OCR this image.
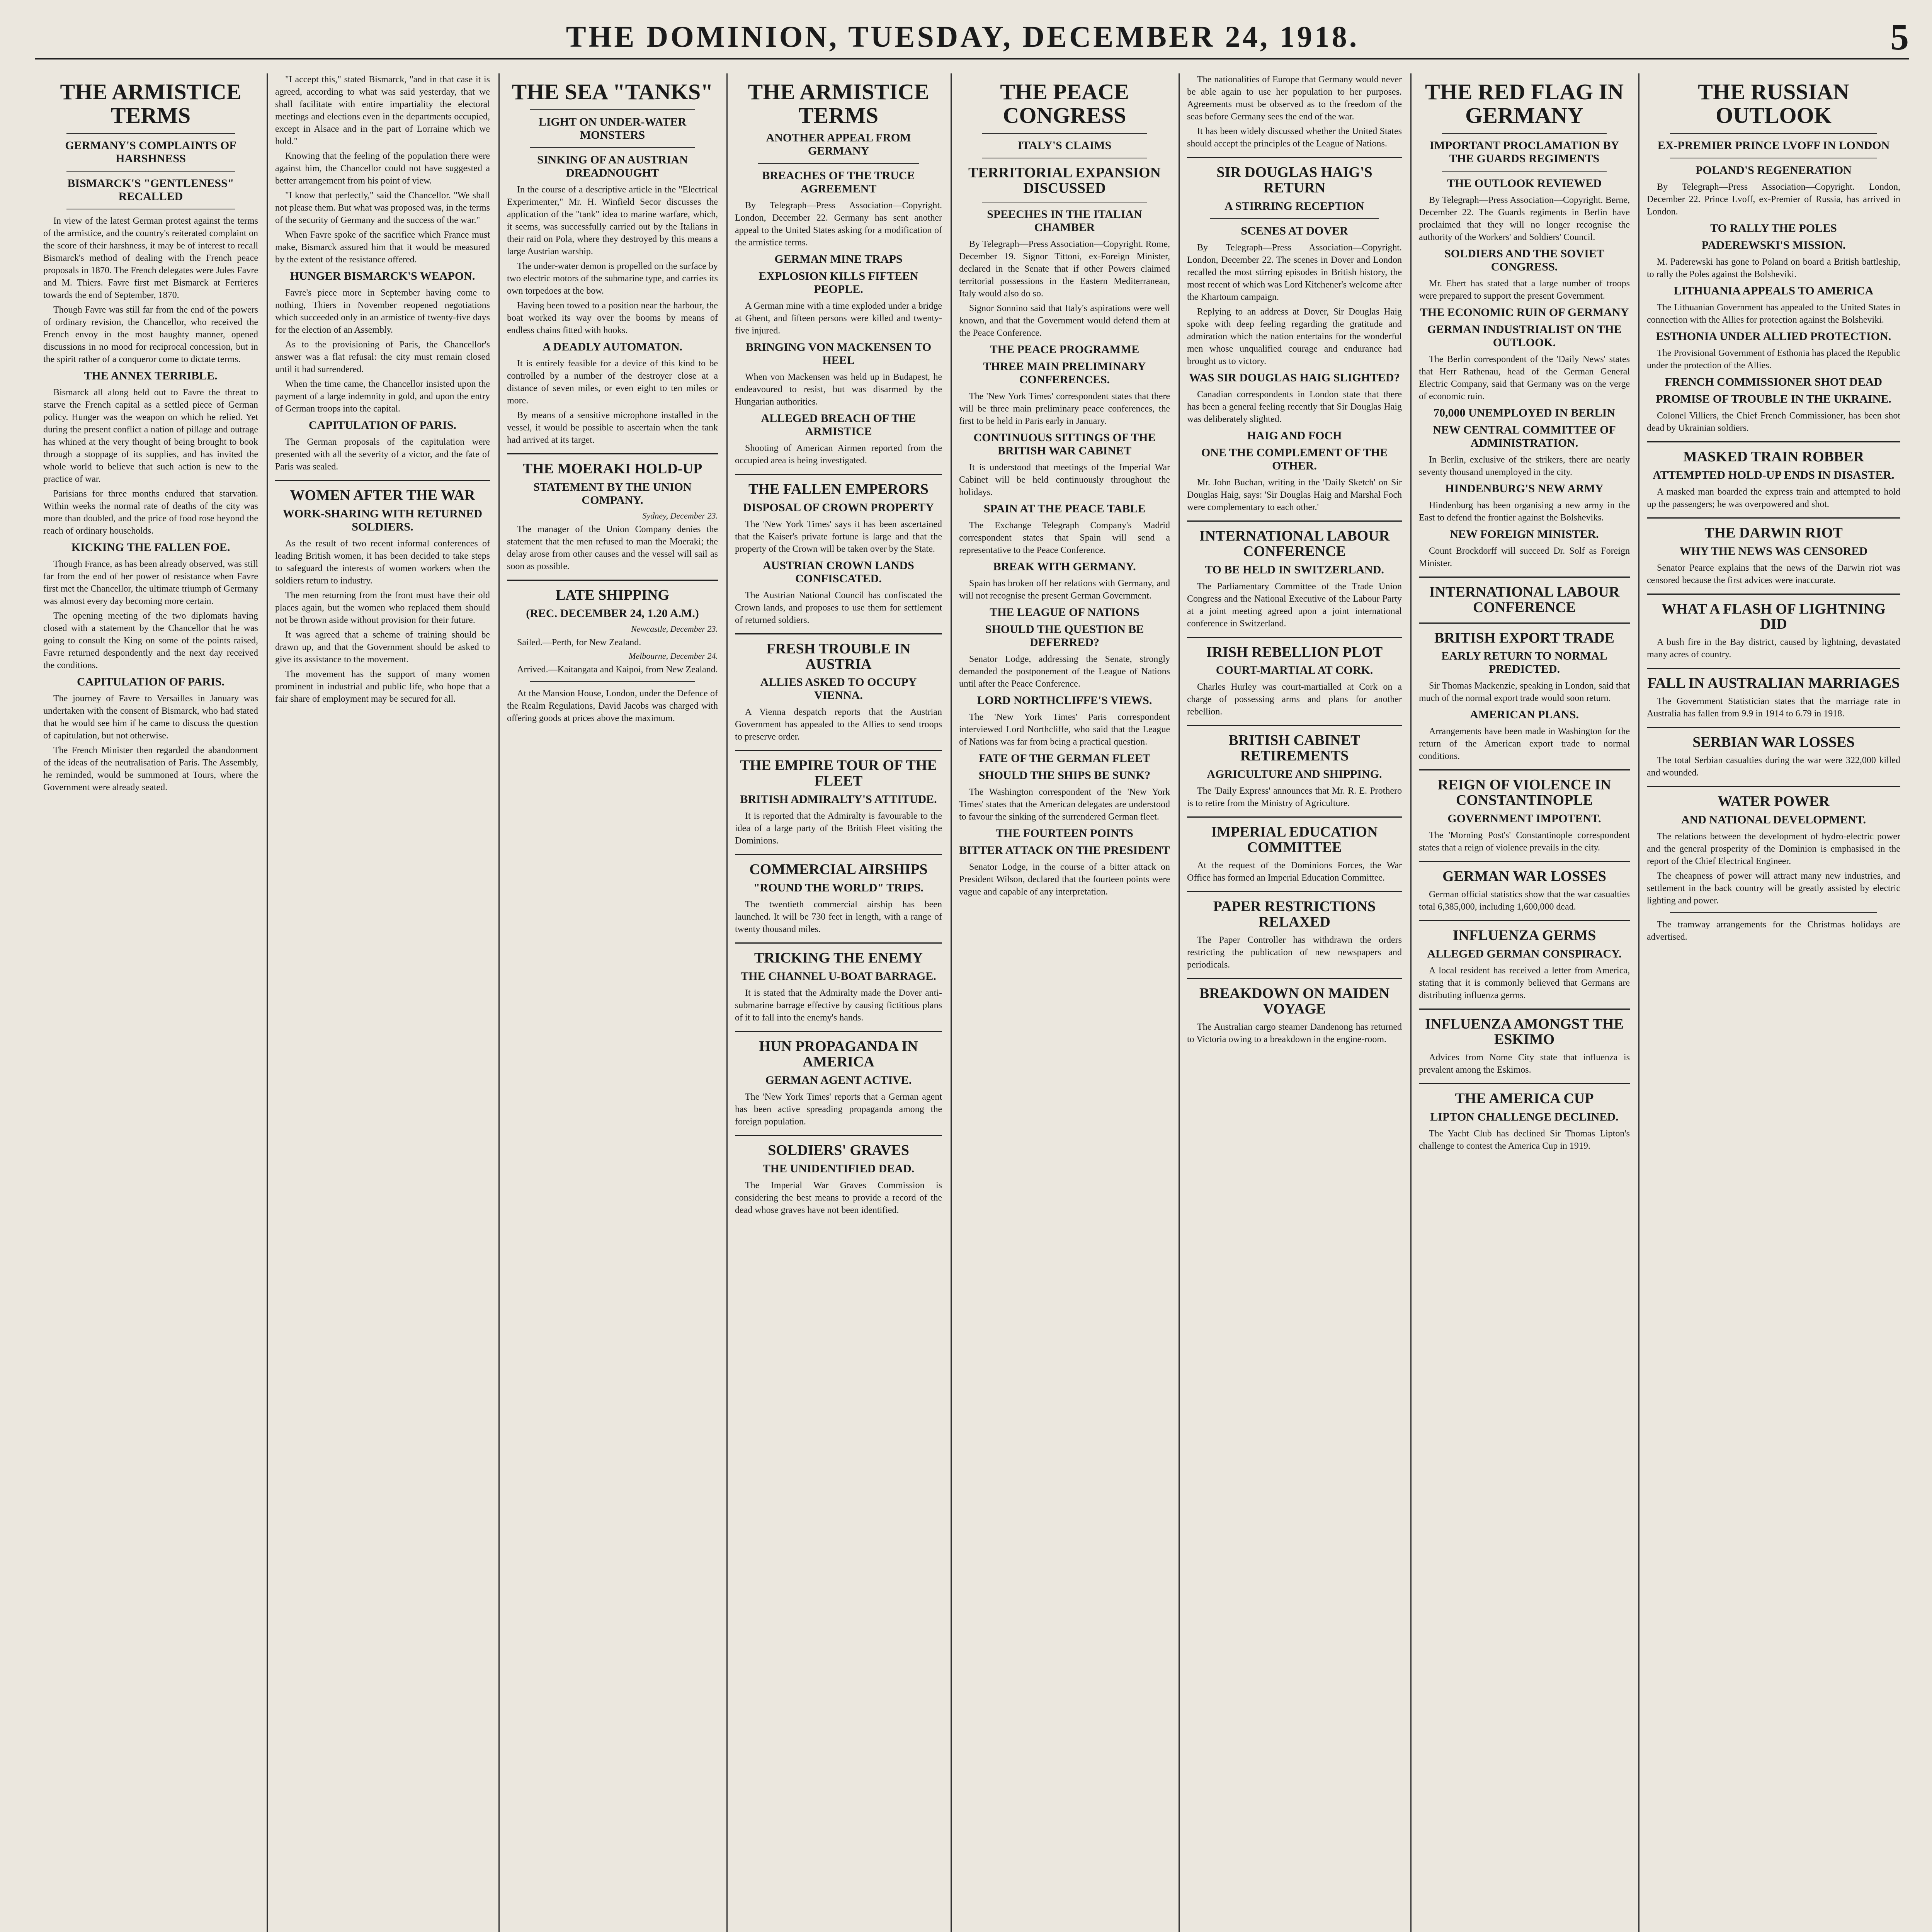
THE DOMINION, TUESDAY, DECEMBER 24, 1918.	5
THE ARMISTICE TERMS
GERMANY'S COMPLAINTS OF HARSHNESS
BISMARCK'S "GENTLENESS" RECALLED

In view of the latest German protest against the terms of the armistice, and the country's reiterated complaint on the score of their harshness, it may be of interest to recall Bismarck's method of dealing with the French peace proposals in 1870. The French delegates were Jules Favre and M. Thiers. Favre first met Bismarck at Ferrieres towards the end of September, 1870.

Though Favre was still far from the end of the powers of ordinary revision, the Chancellor, who received the French envoy in the most haughty manner, opened discussions in no mood for reciprocal concession, but in the spirit rather of a conqueror come to dictate terms.

THE ANNEX TERRIBLE.

Bismarck all along held out to Favre the threat to starve the French capital as a settled piece of German policy. Hunger was the weapon on which he relied. Yet during the present conflict a nation of pillage and outrage has whined at the very thought of being brought to book through a stoppage of its supplies, and has invited the whole world to believe that such action is new to the practice of war.

Parisians for three months endured that starvation. Within weeks the normal rate of deaths of the city was more than doubled, and the price of food rose beyond the reach of ordinary households.

KICKING THE FALLEN FOE.

Though France, as has been already observed, was still far from the end of her power of resistance when Favre first met the Chancellor, the ultimate triumph of Germany was almost every day becoming more certain.

The opening meeting of the two diplomats having closed with a statement by the Chancellor that he was going to consult the King on some of the points raised, Favre returned despondently and the next day received the conditions.

CAPITULATION OF PARIS.

The journey of Favre to Versailles in January was undertaken with the consent of Bismarck, who had stated that he would see him if he came to discuss the question of capitulation, but not otherwise.

The French Minister then regarded the abandonment of the ideas of the neutralisation of Paris. The Assembly, he reminded, would be summoned at Tours, where the Government were already seated.

"I accept this," stated Bismarck, "and in that case it is agreed, according to what was said yesterday, that we shall facilitate with entire impartiality the electoral meetings and elections even in the departments occupied, except in Alsace and in the part of Lorraine which we hold."

Knowing that the feeling of the population there were against him, the Chancellor could not have suggested a better arrangement from his point of view.

"I know that perfectly," said the Chancellor. "We shall not please them. But what was proposed was, in the terms of the security of Germany and the success of the war."

When Favre spoke of the sacrifice which France must make, Bismarck assured him that it would be measured by the extent of the resistance offered.

HUNGER BISMARCK'S WEAPON.

Favre's piece more in September having come to nothing, Thiers in November reopened negotiations which succeeded only in an armistice of twenty-five days for the election of an Assembly.

As to the provisioning of Paris, the Chancellor's answer was a flat refusal: the city must remain closed until it had surrendered.

When the time came, the Chancellor insisted upon the payment of a large indemnity in gold, and upon the entry of German troops into the capital.

CAPITULATION OF PARIS.

The German proposals of the capitulation were presented with all the severity of a victor, and the fate of Paris was sealed.

WOMEN AFTER THE WAR
WORK-SHARING WITH RETURNED SOLDIERS.

As the result of two recent informal conferences of leading British women, it has been decided to take steps to safeguard the interests of women workers when the soldiers return to industry.

The men returning from the front must have their old places again, but the women who replaced them should not be thrown aside without provision for their future.

It was agreed that a scheme of training should be drawn up, and that the Government should be asked to give its assistance to the movement.

The movement has the support of many women prominent in industrial and public life, who hope that a fair share of employment may be secured for all.

THE SEA "TANKS"
LIGHT ON UNDER-WATER MONSTERS
SINKING OF AN AUSTRIAN DREADNOUGHT

In the course of a descriptive article in the "Electrical Experimenter," Mr. H. Winfield Secor discusses the application of the "tank" idea to marine warfare, which, it seems, was successfully carried out by the Italians in their raid on Pola, where they destroyed by this means a large Austrian warship.

The under-water demon is propelled on the surface by two electric motors of the submarine type, and carries its own torpedoes at the bow.

Having been towed to a position near the harbour, the boat worked its way over the booms by means of endless chains fitted with hooks.

A DEADLY AUTOMATON.

It is entirely feasible for a device of this kind to be controlled by a number of the destroyer close at a distance of seven miles, or even eight to ten miles or more.

By means of a sensitive microphone installed in the vessel, it would be possible to ascertain when the tank had arrived at its target.

THE MOERAKI HOLD-UP
STATEMENT BY THE UNION COMPANY.
Sydney, December 23.

The manager of the Union Company denies the statement that the men refused to man the Moeraki; the delay arose from other causes and the vessel will sail as soon as possible.

LATE SHIPPING
(REC. DECEMBER 24, 1.20 A.M.)
Newcastle, December 23.

Sailed.—Perth, for New Zealand.

Melbourne, December 24.

Arrived.—Kaitangata and Kaipoi, from New Zealand.

At the Mansion House, London, under the Defence of the Realm Regulations, David Jacobs was charged with offering goods at prices above the maximum.

THE ARMISTICE TERMS
ANOTHER APPEAL FROM GERMANY
BREACHES OF THE TRUCE AGREEMENT

By Telegraph—Press Association—Copyright. London, December 22. Germany has sent another appeal to the United States asking for a modification of the armistice terms.

GERMAN MINE TRAPS
EXPLOSION KILLS FIFTEEN PEOPLE.

A German mine with a time exploded under a bridge at Ghent, and fifteen persons were killed and twenty-five injured.

BRINGING VON MACKENSEN TO HEEL

When von Mackensen was held up in Budapest, he endeavoured to resist, but was disarmed by the Hungarian authorities.

ALLEGED BREACH OF THE ARMISTICE

Shooting of American Airmen reported from the occupied area is being investigated.

THE FALLEN EMPERORS
DISPOSAL OF CROWN PROPERTY

The 'New York Times' says it has been ascertained that the Kaiser's private fortune is large and that the property of the Crown will be taken over by the State.

AUSTRIAN CROWN LANDS CONFISCATED.

The Austrian National Council has confiscated the Crown lands, and proposes to use them for settlement of returned soldiers.

FRESH TROUBLE IN AUSTRIA
ALLIES ASKED TO OCCUPY VIENNA.

A Vienna despatch reports that the Austrian Government has appealed to the Allies to send troops to preserve order.

THE EMPIRE TOUR OF THE FLEET
BRITISH ADMIRALTY'S ATTITUDE.

It is reported that the Admiralty is favourable to the idea of a large party of the British Fleet visiting the Dominions.

COMMERCIAL AIRSHIPS
"ROUND THE WORLD" TRIPS.

The twentieth commercial airship has been launched. It will be 730 feet in length, with a range of twenty thousand miles.

TRICKING THE ENEMY
THE CHANNEL U-BOAT BARRAGE.

It is stated that the Admiralty made the Dover anti-submarine barrage effective by causing fictitious plans of it to fall into the enemy's hands.

HUN PROPAGANDA IN AMERICA
GERMAN AGENT ACTIVE.

The 'New York Times' reports that a German agent has been active spreading propaganda among the foreign population.

SOLDIERS' GRAVES
THE UNIDENTIFIED DEAD.

The Imperial War Graves Commission is considering the best means to provide a record of the dead whose graves have not been identified.

THE PEACE CONGRESS
ITALY'S CLAIMS
TERRITORIAL EXPANSION DISCUSSED
SPEECHES IN THE ITALIAN CHAMBER

By Telegraph—Press Association—Copyright. Rome, December 19. Signor Tittoni, ex-Foreign Minister, declared in the Senate that if other Powers claimed territorial possessions in the Eastern Mediterranean, Italy would also do so.

Signor Sonnino said that Italy's aspirations were well known, and that the Government would defend them at the Peace Conference.

THE PEACE PROGRAMME
THREE MAIN PRELIMINARY CONFERENCES.

The 'New York Times' correspondent states that there will be three main preliminary peace conferences, the first to be held in Paris early in January.

CONTINUOUS SITTINGS OF THE BRITISH WAR CABINET

It is understood that meetings of the Imperial War Cabinet will be held continuously throughout the holidays.

SPAIN AT THE PEACE TABLE

The Exchange Telegraph Company's Madrid correspondent states that Spain will send a representative to the Peace Conference.

BREAK WITH GERMANY.

Spain has broken off her relations with Germany, and will not recognise the present German Government.

THE LEAGUE OF NATIONS
SHOULD THE QUESTION BE DEFERRED?

Senator Lodge, addressing the Senate, strongly demanded the postponement of the League of Nations until after the Peace Conference.

LORD NORTHCLIFFE'S VIEWS.

The 'New York Times' Paris correspondent interviewed Lord Northcliffe, who said that the League of Nations was far from being a practical question.

FATE OF THE GERMAN FLEET
SHOULD THE SHIPS BE SUNK?

The Washington correspondent of the 'New York Times' states that the American delegates are understood to favour the sinking of the surrendered German fleet.

THE FOURTEEN POINTS
BITTER ATTACK ON THE PRESIDENT

Senator Lodge, in the course of a bitter attack on President Wilson, declared that the fourteen points were vague and capable of any interpretation.

The nationalities of Europe that Germany would never be able again to use her population to her purposes. Agreements must be observed as to the freedom of the seas before Germany sees the end of the war.

It has been widely discussed whether the United States should accept the principles of the League of Nations.

SIR DOUGLAS HAIG'S RETURN
A STIRRING RECEPTION
SCENES AT DOVER

By Telegraph—Press Association—Copyright. London, December 22. The scenes in Dover and London recalled the most stirring episodes in British history, the most recent of which was Lord Kitchener's welcome after the Khartoum campaign.

Replying to an address at Dover, Sir Douglas Haig spoke with deep feeling regarding the gratitude and admiration which the nation entertains for the wonderful men whose unqualified courage and endurance had brought us to victory.

WAS SIR DOUGLAS HAIG SLIGHTED?

Canadian correspondents in London state that there has been a general feeling recently that Sir Douglas Haig was deliberately slighted.

HAIG AND FOCH
ONE THE COMPLEMENT OF THE OTHER.

Mr. John Buchan, writing in the 'Daily Sketch' on Sir Douglas Haig, says: 'Sir Douglas Haig and Marshal Foch were complementary to each other.'

INTERNATIONAL LABOUR CONFERENCE
TO BE HELD IN SWITZERLAND.

The Parliamentary Committee of the Trade Union Congress and the National Executive of the Labour Party at a joint meeting agreed upon a joint international conference in Switzerland.

IRISH REBELLION PLOT
COURT-MARTIAL AT CORK.

Charles Hurley was court-martialled at Cork on a charge of possessing arms and plans for another rebellion.

BRITISH CABINET RETIREMENTS
AGRICULTURE AND SHIPPING.

The 'Daily Express' announces that Mr. R. E. Prothero is to retire from the Ministry of Agriculture.

IMPERIAL EDUCATION COMMITTEE

At the request of the Dominions Forces, the War Office has formed an Imperial Education Committee.

PAPER RESTRICTIONS RELAXED

The Paper Controller has withdrawn the orders restricting the publication of new newspapers and periodicals.

BREAKDOWN ON MAIDEN VOYAGE

The Australian cargo steamer Dandenong has returned to Victoria owing to a breakdown in the engine-room.

THE RED FLAG IN GERMANY
IMPORTANT PROCLAMATION BY THE GUARDS REGIMENTS
THE OUTLOOK REVIEWED

By Telegraph—Press Association—Copyright. Berne, December 22. The Guards regiments in Berlin have proclaimed that they will no longer recognise the authority of the Workers' and Soldiers' Council.

SOLDIERS AND THE SOVIET CONGRESS.

Mr. Ebert has stated that a large number of troops were prepared to support the present Government.

THE ECONOMIC RUIN OF GERMANY
GERMAN INDUSTRIALIST ON THE OUTLOOK.

The Berlin correspondent of the 'Daily News' states that Herr Rathenau, head of the German General Electric Company, said that Germany was on the verge of economic ruin.

70,000 UNEMPLOYED IN BERLIN
NEW CENTRAL COMMITTEE OF ADMINISTRATION.

In Berlin, exclusive of the strikers, there are nearly seventy thousand unemployed in the city.

HINDENBURG'S NEW ARMY

Hindenburg has been organising a new army in the East to defend the frontier against the Bolsheviks.

NEW FOREIGN MINISTER.

Count Brockdorff will succeed Dr. Solf as Foreign Minister.

INTERNATIONAL LABOUR CONFERENCE
BRITISH EXPORT TRADE
EARLY RETURN TO NORMAL PREDICTED.

Sir Thomas Mackenzie, speaking in London, said that much of the normal export trade would soon return.

AMERICAN PLANS.

Arrangements have been made in Washington for the return of the American export trade to normal conditions.

REIGN OF VIOLENCE IN CONSTANTINOPLE
GOVERNMENT IMPOTENT.

The 'Morning Post's' Constantinople correspondent states that a reign of violence prevails in the city.

GERMAN WAR LOSSES

German official statistics show that the war casualties total 6,385,000, including 1,600,000 dead.

INFLUENZA GERMS
ALLEGED GERMAN CONSPIRACY.

A local resident has received a letter from America, stating that it is commonly believed that Germans are distributing influenza germs.

INFLUENZA AMONGST THE ESKIMO

Advices from Nome City state that influenza is prevalent among the Eskimos.

THE AMERICA CUP
LIPTON CHALLENGE DECLINED.

The Yacht Club has declined Sir Thomas Lipton's challenge to contest the America Cup in 1919.

THE RUSSIAN OUTLOOK
EX-PREMIER PRINCE LVOFF IN LONDON
POLAND'S REGENERATION

By Telegraph—Press Association—Copyright. London, December 22. Prince Lvoff, ex-Premier of Russia, has arrived in London.

TO RALLY THE POLES
PADEREWSKI'S MISSION.

M. Paderewski has gone to Poland on board a British battleship, to rally the Poles against the Bolsheviki.

LITHUANIA APPEALS TO AMERICA

The Lithuanian Government has appealed to the United States in connection with the Allies for protection against the Bolsheviki.

ESTHONIA UNDER ALLIED PROTECTION.

The Provisional Government of Esthonia has placed the Republic under the protection of the Allies.

FRENCH COMMISSIONER SHOT DEAD
PROMISE OF TROUBLE IN THE UKRAINE.

Colonel Villiers, the Chief French Commissioner, has been shot dead by Ukrainian soldiers.

MASKED TRAIN ROBBER
ATTEMPTED HOLD-UP ENDS IN DISASTER.

A masked man boarded the express train and attempted to hold up the passengers; he was overpowered and shot.

THE DARWIN RIOT
WHY THE NEWS WAS CENSORED

Senator Pearce explains that the news of the Darwin riot was censored because the first advices were inaccurate.

WHAT A FLASH OF LIGHTNING DID

A bush fire in the Bay district, caused by lightning, devastated many acres of country.

FALL IN AUSTRALIAN MARRIAGES

The Government Statistician states that the marriage rate in Australia has fallen from 9.9 in 1914 to 6.79 in 1918.

SERBIAN WAR LOSSES

The total Serbian casualties during the war were 322,000 killed and wounded.

WATER POWER
AND NATIONAL DEVELOPMENT.

The relations between the development of hydro-electric power and the general prosperity of the Dominion is emphasised in the report of the Chief Electrical Engineer.

The cheapness of power will attract many new industries, and settlement in the back country will be greatly assisted by electric lighting and power.

The tramway arrangements for the Christmas holidays are advertised.
